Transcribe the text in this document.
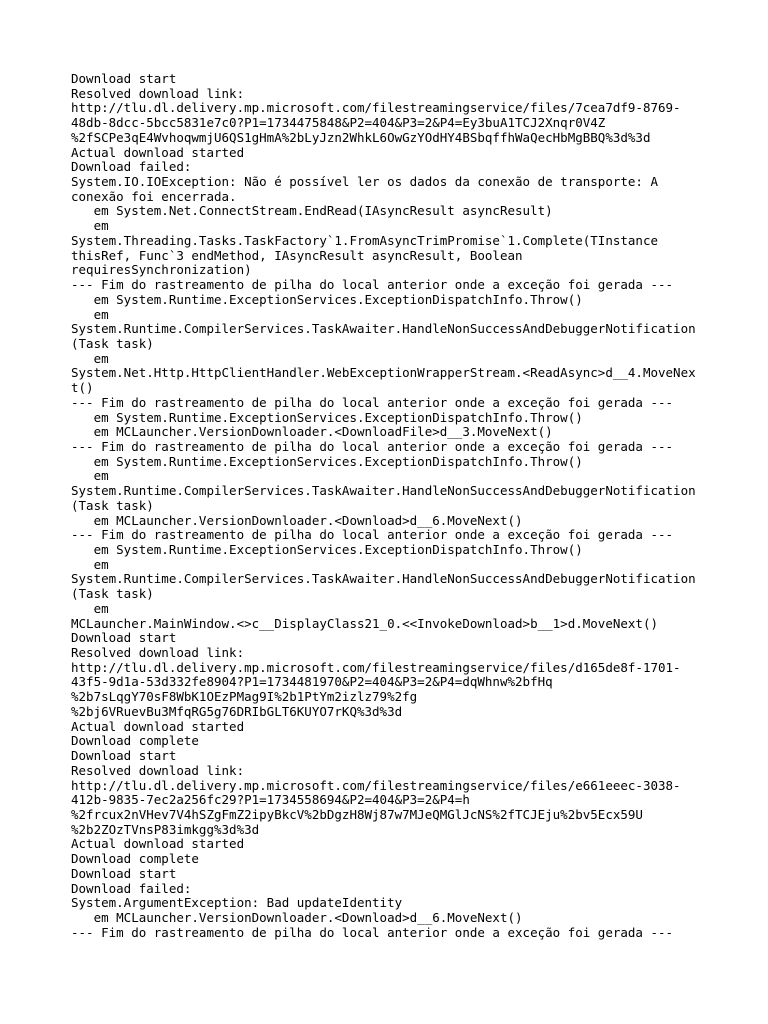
Download start
Resolved download link:
http://tlu.dl.delivery.mp.microsoft.com/filestreamingservice/files/7cea7df9-8769-
48db-8dcc-5bcc5831e7c0?P1=1734475848&P2=404&P3=2&P4=Ey3buA1TCJ2Xnqr0V4Z
%2fSCPe3qE4WvhoqwmjU6QS1gHmA%2bLyJzn2WhkL6OwGzYOdHY4BSbqffhWaQecHbMgBBQ%3d%3d
Actual download started
Download failed:
System.IO.IOException: Não é possível ler os dados da conexão de transporte: A
conexão foi encerrada.
em System.Net.ConnectStream.EndRead(IAsyncResult asyncResult)
em
System.Threading.Tasks.TaskFactory`1.FromAsyncTrimPromise`1.Complete(TInstance
thisRef, Func`3 endMethod, IAsyncResult asyncResult, Boolean
requiresSynchronization)
--- Fim do rastreamento de pilha do local anterior onde a exceção foi gerada ---
em System.Runtime.ExceptionServices.ExceptionDispatchInfo.Throw()
em
System.Runtime.CompilerServices.TaskAwaiter.HandleNonSuccessAndDebuggerNotification
(Task task)
em
System.Net.Http.HttpClientHandler.WebExceptionWrapperStream.<ReadAsync>d__4.MoveNex
t()
--- Fim do rastreamento de pilha do local anterior onde a exceção foi gerada ---
em System.Runtime.ExceptionServices.ExceptionDispatchInfo.Throw()
em MCLauncher.VersionDownloader.<DownloadFile>d__3.MoveNext()
--- Fim do rastreamento de pilha do local anterior onde a exceção foi gerada ---
em System.Runtime.ExceptionServices.ExceptionDispatchInfo.Throw()
em
System.Runtime.CompilerServices.TaskAwaiter.HandleNonSuccessAndDebuggerNotification
(Task task)
em MCLauncher.VersionDownloader.<Download>d__6.MoveNext()
--- Fim do rastreamento de pilha do local anterior onde a exceção foi gerada ---
em System.Runtime.ExceptionServices.ExceptionDispatchInfo.Throw()
em
System.Runtime.CompilerServices.TaskAwaiter.HandleNonSuccessAndDebuggerNotification
(Task task)
em
MCLauncher.MainWindow.<>c__DisplayClass21_0.<<InvokeDownload>b__1>d.MoveNext()
Download start
Resolved download link:
http://tlu.dl.delivery.mp.microsoft.com/filestreamingservice/files/d165de8f-1701-
43f5-9d1a-53d332fe8904?P1=1734481970&P2=404&P3=2&P4=dqWhnw%2bfHq
%2b7sLqgY70sF8WbK1OEzPMag9I%2b1PtYm2izlz79%2fg
%2bj6VRuevBu3MfqRG5g76DRIbGLT6KUYO7rKQ%3d%3d
Actual download started
Download complete
Download start
Resolved download link:
http://tlu.dl.delivery.mp.microsoft.com/filestreamingservice/files/e661eeec-3038-
412b-9835-7ec2a256fc29?P1=1734558694&P2=404&P3=2&P4=h
%2frcux2nVHev7V4hSZgFmZ2ipyBkcV%2bDgzH8Wj87w7MJeQMGlJcNS%2fTCJEju%2bv5Ecx59U
%2b2ZOzTVnsP83imkgg%3d%3d
Actual download started
Download complete
Download start
Download failed:
System.ArgumentException: Bad updateIdentity
em MCLauncher.VersionDownloader.<Download>d__6.MoveNext()
--- Fim do rastreamento de pilha do local anterior onde a exceção foi gerada ---
